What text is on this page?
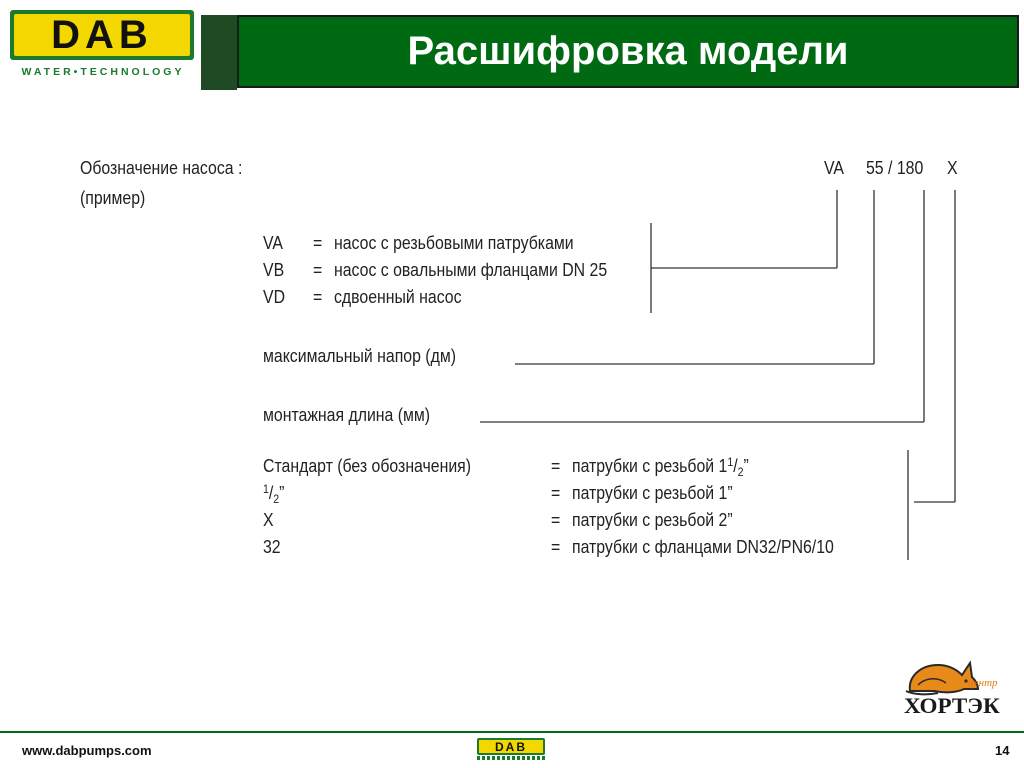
DAB
WATER•TECHNOLOGY	Расшифровка модели
Обозначение насоса :
(пример)
VA 55 / 180 X
VA = насос с резьбовыми патрубками
VB = насос с овальными фланцами DN 25
VD = сдвоенный насос
максимальный напор (дм)
монтажная длина (мм)
Стандарт (без обозначения)	= патрубки с резьбой $1^1/_2$”
$^1/_2$”	= патрубки с резьбой 1”
X	= патрубки с резьбой 2”
32	= патрубки с фланцами DN32/PN6/10
центр
ХОРТЭК
www.dabpumps.com	DAB	14
